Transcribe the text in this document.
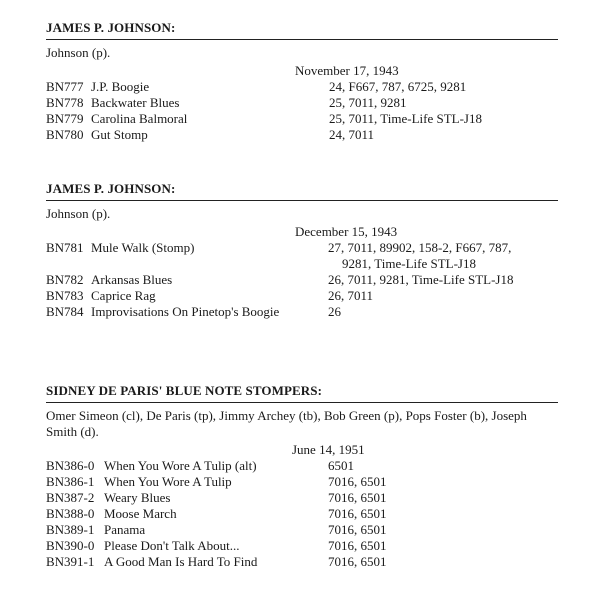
JAMES P. JOHNSON:
Johnson (p).
November 17, 1943
BN777 J.P. Boogie	24, F667, 787, 6725, 9281
BN778 Backwater Blues	25, 7011, 9281
BN779 Carolina Balmoral	25, 7011, Time-Life STL-J18
BN780 Gut Stomp	24, 7011
JAMES P. JOHNSON:
Johnson (p).
December 15, 1943
BN781 Mule Walk (Stomp)	27, 7011, 89902, 158-2, F667, 787,
9281, Time-Life STL-J18

BN782 Arkansas Blues	26, 7011, 9281, Time-Life STL-J18
BN783 Caprice Rag	26, 7011
BN784 Improvisations On Pinetop's Boogie	26
SIDNEY DE PARIS' BLUE NOTE STOMPERS:
Omer Simeon (cl), De Paris (tp), Jimmy Archey (tb), Bob Green (p), Pops Foster (b), Joseph Smith (d).
June 14, 1951
BN386-0 When You Wore A Tulip (alt)	6501
BN386-1 When You Wore A Tulip	7016, 6501
BN387-2 Weary Blues	7016, 6501
BN388-0 Moose March	7016, 6501
BN389-1 Panama	7016, 6501
BN390-0 Please Don't Talk About...	7016, 6501
BN391-1 A Good Man Is Hard To Find	7016, 6501
